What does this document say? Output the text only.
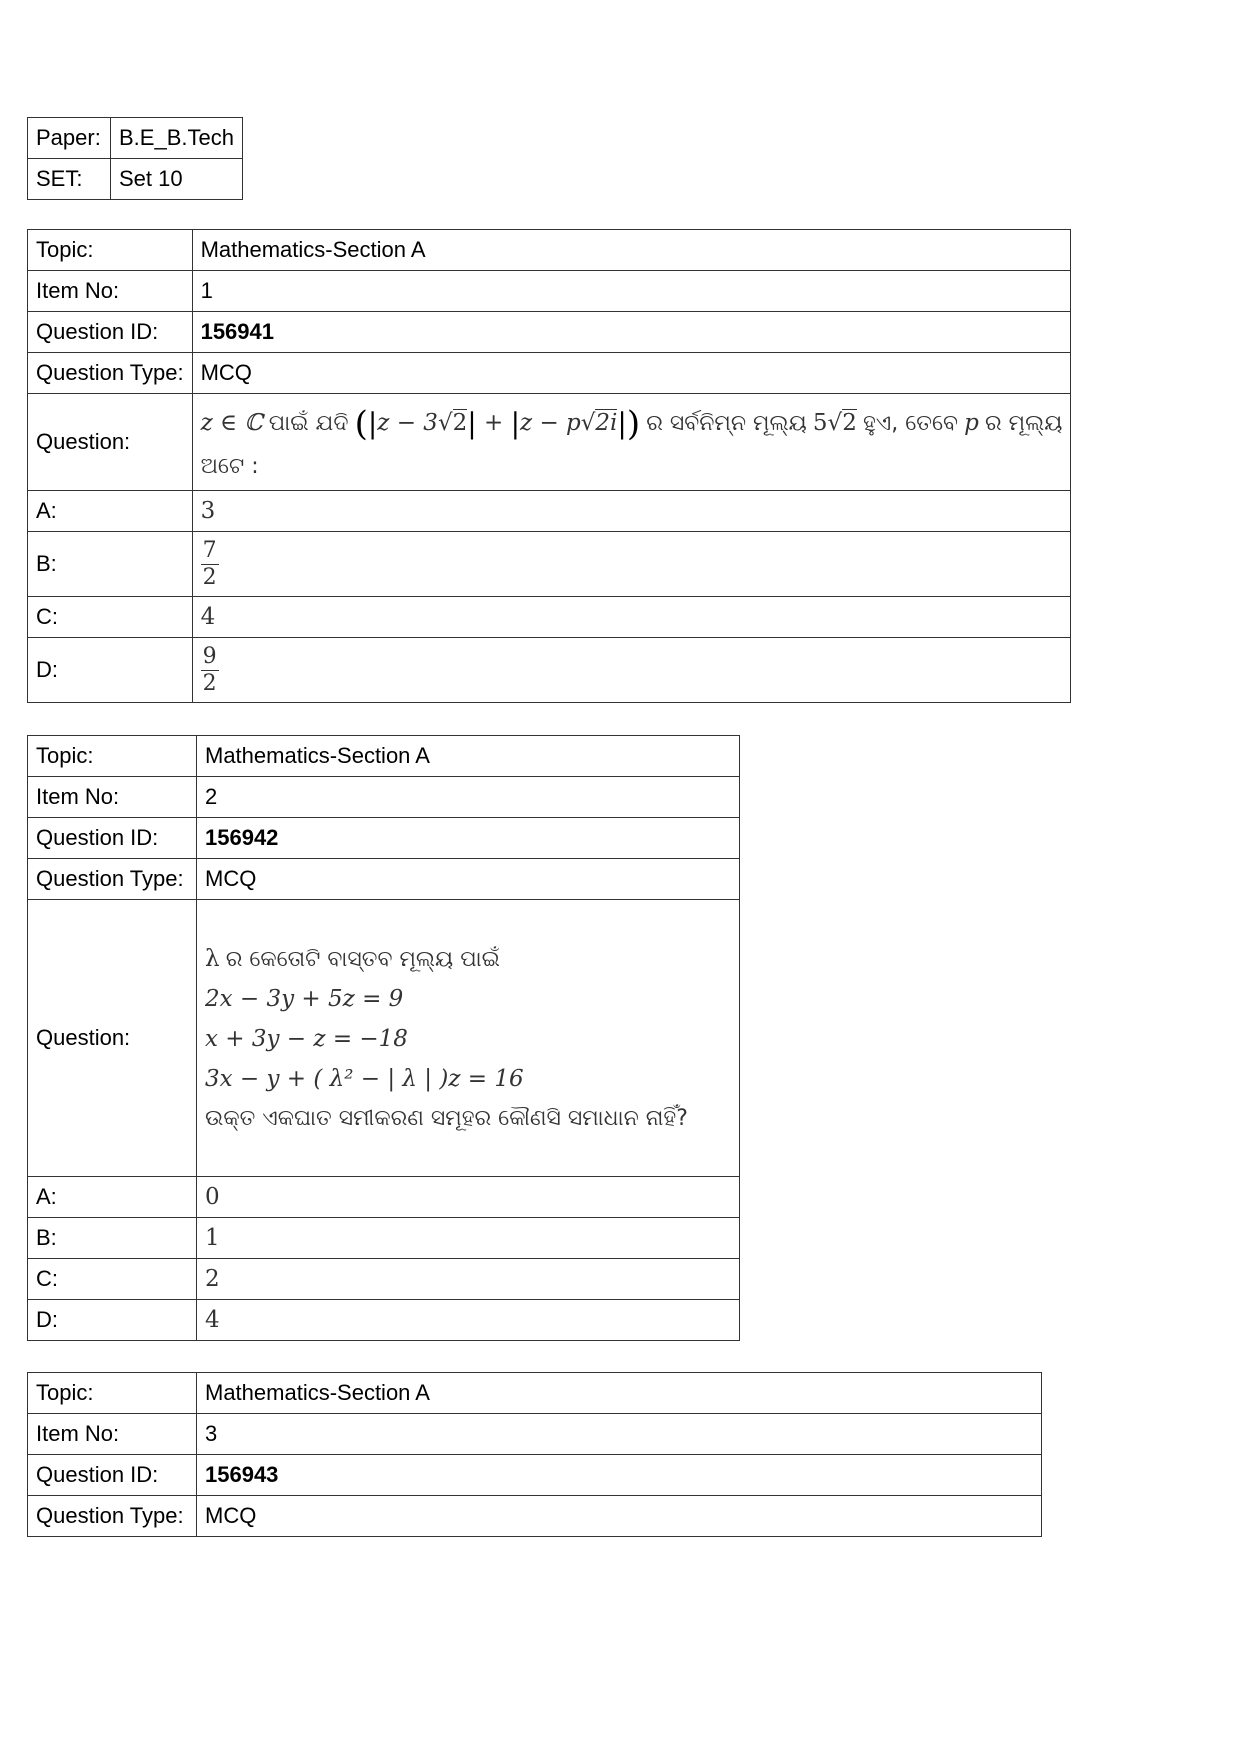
Paper:	B.E_B.Tech
SET:	Set 10
Topic:	Mathematics-Section A
Item No:	1
Question ID:	156941
Question Type:	MCQ
Question:	z ∈ ℂ ପାଇଁ ଯଦି (|z − 3√2| + |z − p√2i|) ର ସର୍ବନିମ୍ନ ମୂଲ୍ୟ 5√2 ହୁଏ, ତେବେ p ର ମୂଲ୍ୟ
ଅଟେ :

A:	3
B:	$\frac{7}{2}$

C:	4
D:	$\frac{9}{2}$
Topic:	Mathematics-Section A
Item No:	2
Question ID:	156942
Question Type:	MCQ
Question:	λ ର କେତୋଟି ବାସ୍ତବ ମୂଲ୍ୟ ପାଇଁ
2x − 3y + 5z = 9
x + 3y − z = −18
3x − y + ( λ² − | λ | )z = 16
ଉକ୍ତ ଏକଘାତ ସମୀକରଣ ସମୂହର କୌଣସି ସମାଧାନ ନାହିଁ?

A:	0
B:	1
C:	2
D:	4
Topic:	Mathematics-Section A
Item No:	3
Question ID:	156943
Question Type:	MCQ
